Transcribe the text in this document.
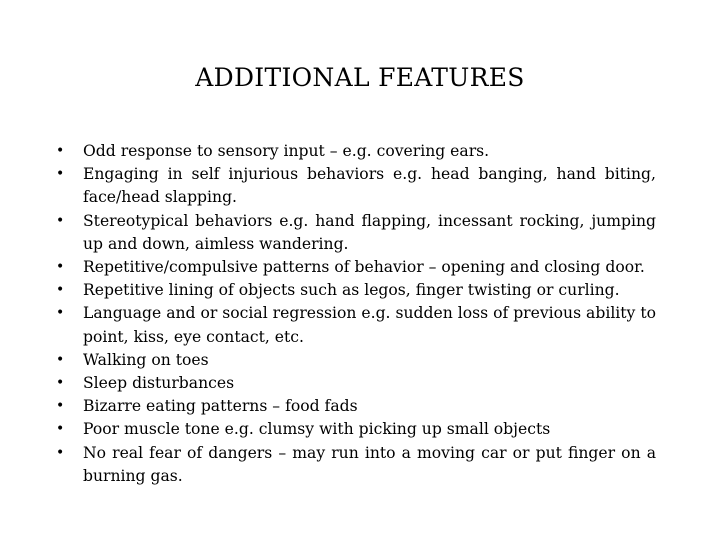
ADDITIONAL FEATURES
• Odd response to sensory input – e.g. covering ears.
• Engaging in self injurious behaviors e.g. head banging, hand biting, face/head slapping.
• Stereotypical behaviors e.g. hand flapping, incessant rocking, jumping up and down, aimless wandering.
• Repetitive/compulsive patterns of behavior – opening and closing door.
• Repetitive lining of objects such as legos, finger twisting or curling.
• Language and or social regression e.g. sudden loss of previous ability to point, kiss, eye contact, etc.
• Walking on toes
• Sleep disturbances
• Bizarre eating patterns – food fads
• Poor muscle tone e.g. clumsy with picking up small objects
• No real fear of dangers – may run into a moving car or put finger on a burning gas.
